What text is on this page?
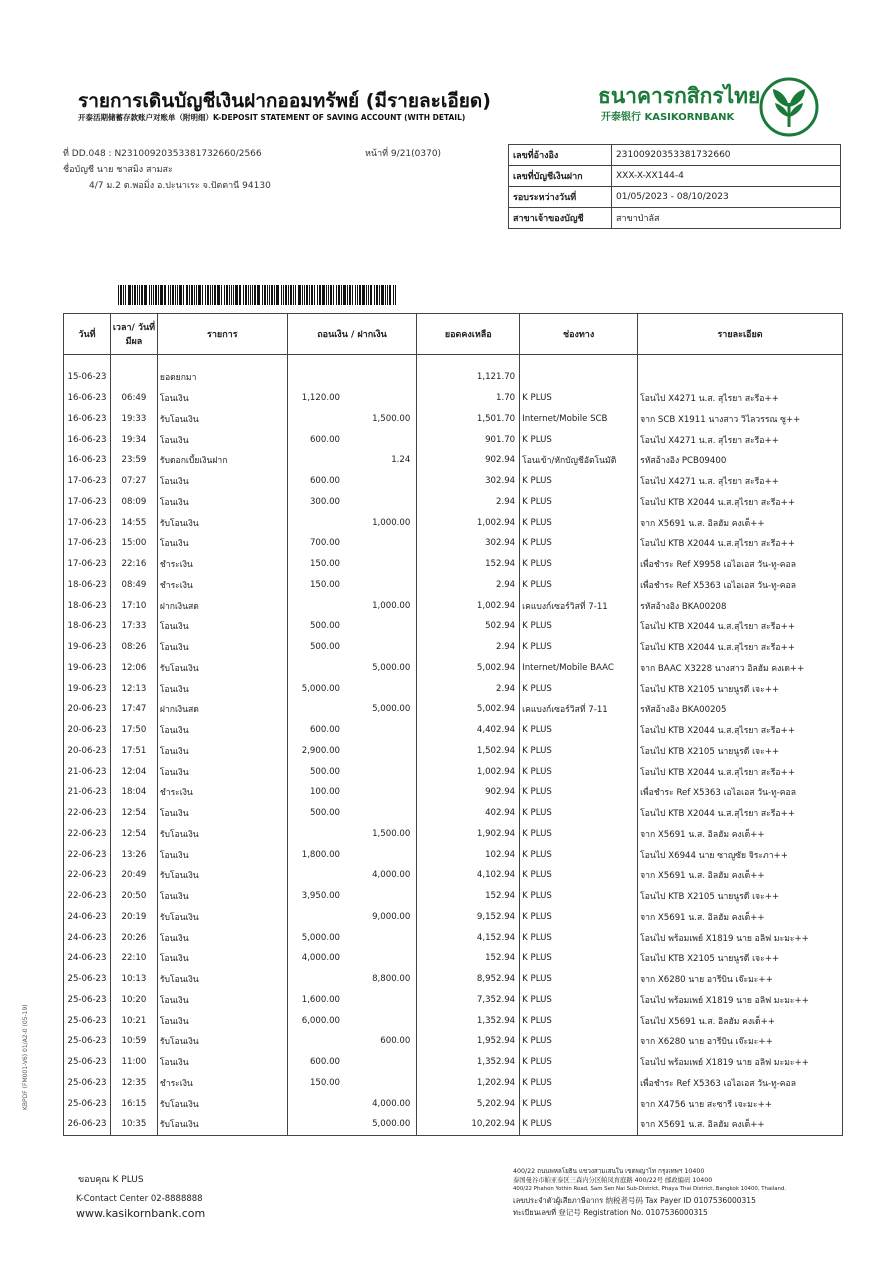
รายการเดินบัญชีเงินฝากออมทรัพย์ (มีรายละเอียด)
开泰活期储蓄存款账户对账单（附明细）K-DEPOSIT STATEMENT OF SAVING ACCOUNT (WITH DETAIL)
ธนาคารกสิกรไทย
开泰银行 KASIKORNBANK
ที่ DD.048 : N23100920353381732660/2566	หน้าที่ 9/21(0370)
ชื่อบัญชี นาย ชาสมิง สามสะ
4/7 ม.2 ต.พอมิ่ง อ.ปะนาเระ จ.ปัตตานี 94130
เลขที่อ้างอิง	23100920353381732660
เลขที่บัญชีเงินฝาก	XXX-X-XX144-4
รอบระหว่างวันที่	01/05/2023 - 08/10/2023
สาขาเจ้าของบัญชี	สาขาป่าลัส
วันที่	เวลา/ วันที่มีผล	รายการ	ถอนเงิน / ฝากเงิน	ยอดคงเหลือ	ช่องทาง	รายละเอียด

15-06-23		ยอดยกมา		1,121.70		
16-06-23	06:49	โอนเงิน	1,120.00	1.70	K PLUS	โอนไป X4271 น.ส. สุไรยา สะรีอ++
16-06-23	19:33	รับโอนเงิน	1,500.00	1,501.70	Internet/Mobile SCB	จาก SCB X1911 นางสาว วิไลวรรณ ซู++
16-06-23	19:34	โอนเงิน	600.00	901.70	K PLUS	โอนไป X4271 น.ส. สุไรยา สะรีอ++
16-06-23	23:59	รับดอกเบี้ยเงินฝาก	1.24	902.94	โอนเข้า/หักบัญชีอัตโนมัติ	รหัสอ้างอิง PCB09400
17-06-23	07:27	โอนเงิน	600.00	302.94	K PLUS	โอนไป X4271 น.ส. สุไรยา สะรีอ++
17-06-23	08:09	โอนเงิน	300.00	2.94	K PLUS	โอนไป KTB X2044 น.ส.สุไรยา สะรีอ++
17-06-23	14:55	รับโอนเงิน	1,000.00	1,002.94	K PLUS	จาก X5691 น.ส. อิลฮัม คงเด็++
17-06-23	15:00	โอนเงิน	700.00	302.94	K PLUS	โอนไป KTB X2044 น.ส.สุไรยา สะรีอ++
17-06-23	22:16	ชำระเงิน	150.00	152.94	K PLUS	เพื่อชำระ Ref X9958 เอไอเอส วัน-ทู-คอล
18-06-23	08:49	ชำระเงิน	150.00	2.94	K PLUS	เพื่อชำระ Ref X5363 เอไอเอส วัน-ทู-คอล
18-06-23	17:10	ฝากเงินสด	1,000.00	1,002.94	เคแบงก์เซอร์วิสที่ 7-11	รหัสอ้างอิง BKA00208
18-06-23	17:33	โอนเงิน	500.00	502.94	K PLUS	โอนไป KTB X2044 น.ส.สุไรยา สะรีอ++
19-06-23	08:26	โอนเงิน	500.00	2.94	K PLUS	โอนไป KTB X2044 น.ส.สุไรยา สะรีอ++
19-06-23	12:06	รับโอนเงิน	5,000.00	5,002.94	Internet/Mobile BAAC	จาก BAAC X3228 นางสาว อิลฮัม คงเด++
19-06-23	12:13	โอนเงิน	5,000.00	2.94	K PLUS	โอนไป KTB X2105 นายนูรดี เจะ++
20-06-23	17:47	ฝากเงินสด	5,000.00	5,002.94	เคแบงก์เซอร์วิสที่ 7-11	รหัสอ้างอิง BKA00205
20-06-23	17:50	โอนเงิน	600.00	4,402.94	K PLUS	โอนไป KTB X2044 น.ส.สุไรยา สะรีอ++
20-06-23	17:51	โอนเงิน	2,900.00	1,502.94	K PLUS	โอนไป KTB X2105 นายนูรดี เจะ++
21-06-23	12:04	โอนเงิน	500.00	1,002.94	K PLUS	โอนไป KTB X2044 น.ส.สุไรยา สะรีอ++
21-06-23	18:04	ชำระเงิน	100.00	902.94	K PLUS	เพื่อชำระ Ref X5363 เอไอเอส วัน-ทู-คอล
22-06-23	12:54	โอนเงิน	500.00	402.94	K PLUS	โอนไป KTB X2044 น.ส.สุไรยา สะรีอ++
22-06-23	12:54	รับโอนเงิน	1,500.00	1,902.94	K PLUS	จาก X5691 น.ส. อิลฮัม คงเด็++
22-06-23	13:26	โอนเงิน	1,800.00	102.94	K PLUS	โอนไป X6944 นาย ซาญูซัย จิระภา++
22-06-23	20:49	รับโอนเงิน	4,000.00	4,102.94	K PLUS	จาก X5691 น.ส. อิลฮัม คงเด็++
22-06-23	20:50	โอนเงิน	3,950.00	152.94	K PLUS	โอนไป KTB X2105 นายนูรดี เจะ++
24-06-23	20:19	รับโอนเงิน	9,000.00	9,152.94	K PLUS	จาก X5691 น.ส. อิลฮัม คงเด็++
24-06-23	20:26	โอนเงิน	5,000.00	4,152.94	K PLUS	โอนไป พร้อมเพย์ X1819 นาย อลิฟ มะมะ++
24-06-23	22:10	โอนเงิน	4,000.00	152.94	K PLUS	โอนไป KTB X2105 นายนูรดี เจะ++
25-06-23	10:13	รับโอนเงิน	8,800.00	8,952.94	K PLUS	จาก X6280 นาย อารีบิน เจ๊ะมะ++
25-06-23	10:20	โอนเงิน	1,600.00	7,352.94	K PLUS	โอนไป พร้อมเพย์ X1819 นาย อลิฟ มะมะ++
25-06-23	10:21	โอนเงิน	6,000.00	1,352.94	K PLUS	โอนไป X5691 น.ส. อิลฮัม คงเด็++
25-06-23	10:59	รับโอนเงิน	600.00	1,952.94	K PLUS	จาก X6280 นาย อารีบิน เจ๊ะมะ++
25-06-23	11:00	โอนเงิน	600.00	1,352.94	K PLUS	โอนไป พร้อมเพย์ X1819 นาย อลิฟ มะมะ++
25-06-23	12:35	ชำระเงิน	150.00	1,202.94	K PLUS	เพื่อชำระ Ref X5363 เอไอเอส วัน-ทู-คอล
25-06-23	16:15	รับโอนเงิน	4,000.00	5,202.94	K PLUS	จาก X4756 นาย สะซารี เจะมะ++
26-06-23	10:35	รับโอนเงิน	5,000.00	10,202.94	K PLUS	จาก X5691 น.ส. อิลฮัม คงเด็++
KBPDF (FM001-V6) 01/A2-0 (05-19)
ขอบคุณ K PLUS
K-Contact Center 02-8888888
www.kasikornbank.com
400/22 ถนนพหลโยธิน แขวงสามเสนใน เขตพญาไท กรุงเทพฯ 10400
泰国曼谷市帕亚泰区三森内分区帕凤育庭路 400/22号 邮政编码 10400
400/22 Phahon Yothin Road, Sam Sen Nai Sub-District, Phaya Thai District, Bangkok 10400, Thailand.
เลขประจำตัวผู้เสียภาษีอากร 纳税者号码 Tax Payer ID 0107536000315
ทะเบียนเลขที่ 登记号 Registration No. 0107536000315
